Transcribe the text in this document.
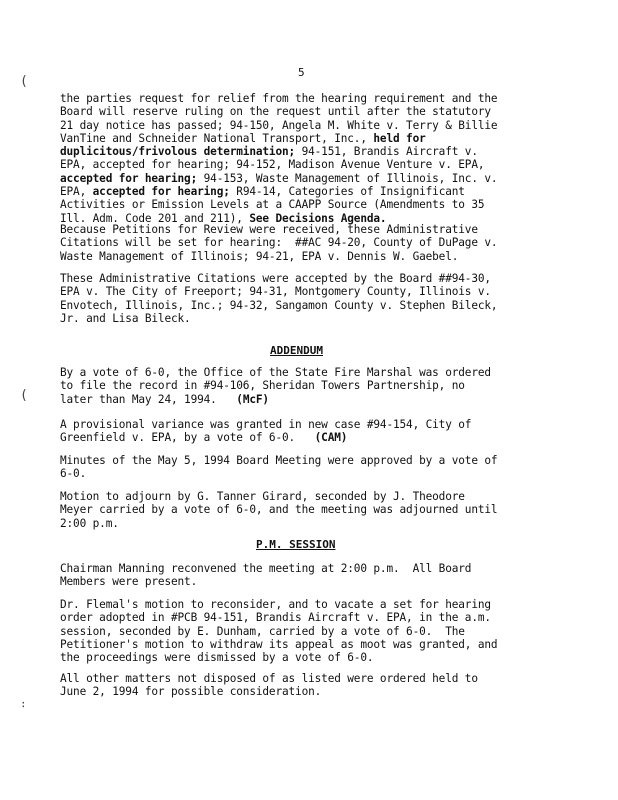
(
(
∶
5
the parties request for relief from the hearing requirement and the
Board will reserve ruling on the request until after the statutory
21 day notice has passed; 94-150, Angela M. White v. Terry & Billie
VanTine and Schneider National Transport, Inc., held for
duplicitous/frivolous determination; 94-151, Brandis Aircraft v.
EPA, accepted for hearing; 94-152, Madison Avenue Venture v. EPA,
accepted for hearing; 94-153, Waste Management of Illinois, Inc. v.
EPA, accepted for hearing; R94-14, Categories of Insignificant
Activities or Emission Levels at a CAAPP Source (Amendments to 35
Ill. Adm. Code 201 and 211), See Decisions Agenda.
Because Petitions for Review were received, these Administrative
Citations will be set for hearing:  ##AC 94-20, County of DuPage v.
Waste Management of Illinois; 94-21, EPA v. Dennis W. Gaebel.
These Administrative Citations were accepted by the Board ##94-30,
EPA v. The City of Freeport; 94-31, Montgomery County, Illinois v.
Envotech, Illinois, Inc.; 94-32, Sangamon County v. Stephen Bileck,
Jr. and Lisa Bileck.
ADDENDUM
By a vote of 6-0, the Office of the State Fire Marshal was ordered
to file the record in #94-106, Sheridan Towers Partnership, no
later than May 24, 1994.   (McF)
A provisional variance was granted in new case #94-154, City of
Greenfield v. EPA, by a vote of 6-0.   (CAM)
Minutes of the May 5, 1994 Board Meeting were approved by a vote of
6-0.
Motion to adjourn by G. Tanner Girard, seconded by J. Theodore
Meyer carried by a vote of 6-0, and the meeting was adjourned until
2:00 p.m.
P.M. SESSION
Chairman Manning reconvened the meeting at 2:00 p.m.  All Board
Members were present.
Dr. Flemal's motion to reconsider, and to vacate a set for hearing
order adopted in #PCB 94-151, Brandis Aircraft v. EPA, in the a.m.
session, seconded by E. Dunham, carried by a vote of 6-0.  The
Petitioner's motion to withdraw its appeal as moot was granted, and
the proceedings were dismissed by a vote of 6-0.
All other matters not disposed of as listed were ordered held to
June 2, 1994 for possible consideration.
